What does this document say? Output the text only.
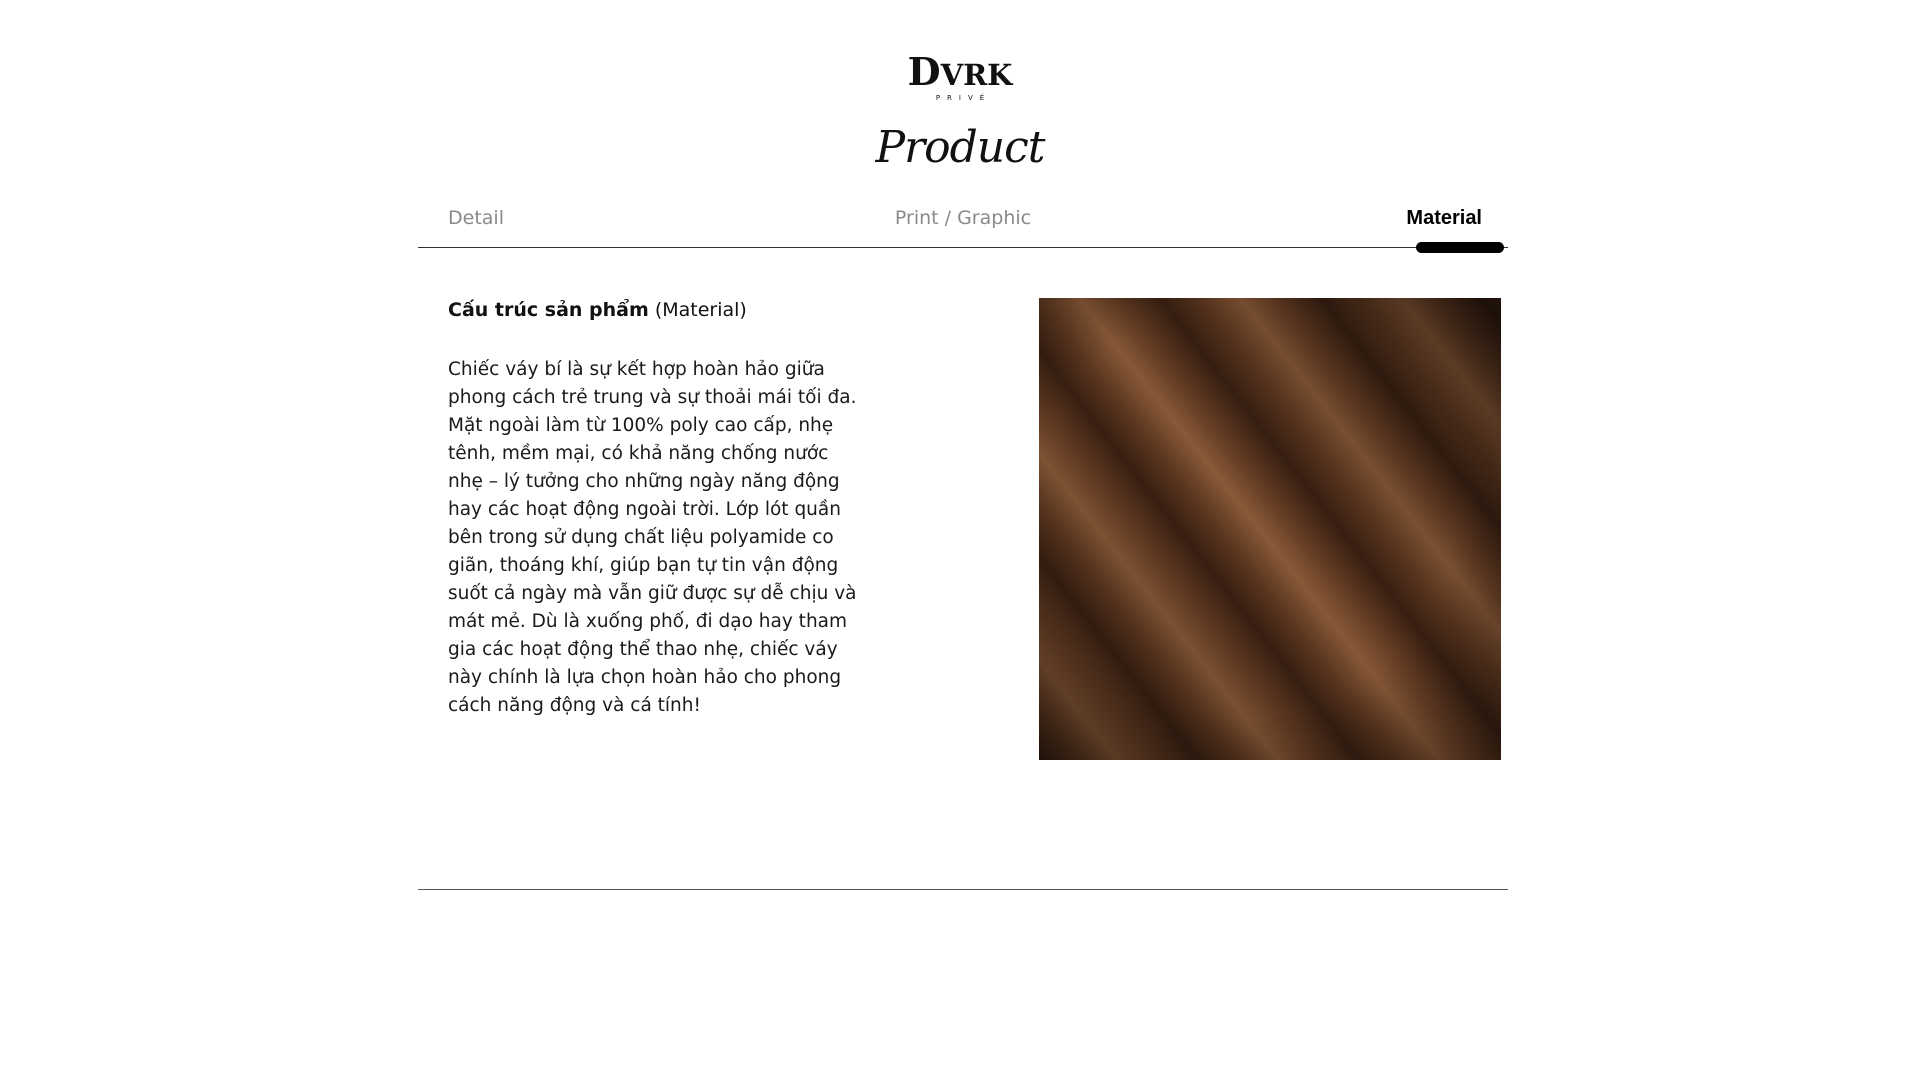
DVRK
PRIVÉ
Product
Detail	Print / Graphic	Material
Cấu trúc sản phẩm (Material)
Chiếc váy bí là sự kết hợp hoàn hảo giữa
phong cách trẻ trung và sự thoải mái tối đa.
Mặt ngoài làm từ 100% poly cao cấp, nhẹ
tênh, mềm mại, có khả năng chống nước
nhẹ – lý tưởng cho những ngày năng động
hay các hoạt động ngoài trời. Lớp lót quần
bên trong sử dụng chất liệu polyamide co
giãn, thoáng khí, giúp bạn tự tin vận động
suốt cả ngày mà vẫn giữ được sự dễ chịu và
mát mẻ. Dù là xuống phố, đi dạo hay tham
gia các hoạt động thể thao nhẹ, chiếc váy
này chính là lựa chọn hoàn hảo cho phong
cách năng động và cá tính!
